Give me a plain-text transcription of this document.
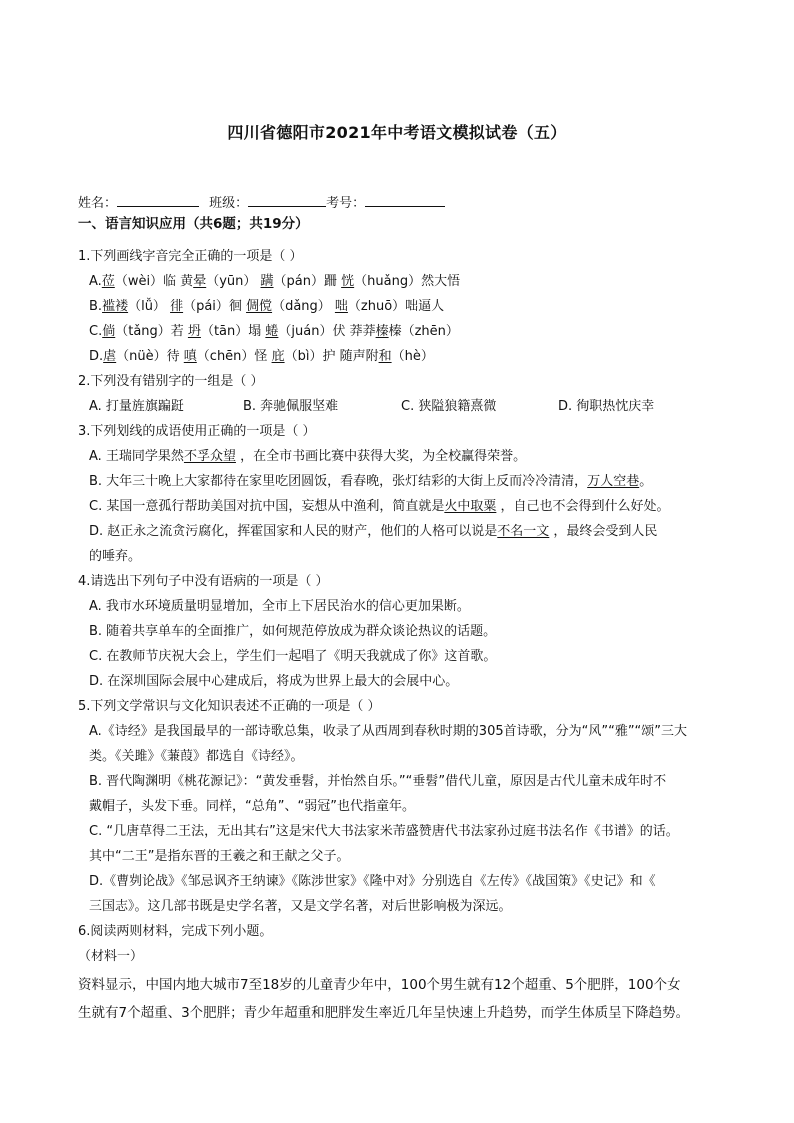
四川省德阳市2021年中考语文模拟试卷（五）
姓名：	班级：	考号：
一、语言知识应用（共6题；共19分）
1.下列画线字音完全正确的一项是（ ）
A.莅（wèi）临 黄晕（yūn） 蹒（pán）跚 恍（huǎng）然大悟
B.褴褛（lǚ） 徘（pái）徊 倜傥（dǎng） 咄（zhuō）咄逼人
C.倘（tǎng）若 坍（tān）塌 蜷（juán）伏 莽莽榛榛（zhēn）
D.虐（nüè）待 嗔（chēn）怪 庇（bì）护 随声附和（hè）
2.下列没有错别字的一组是（ ）
A. 打量旌旗蹁跹	B. 奔驰佩服坚难	C. 狭隘狼籍熹微	D. 徇职热忱庆幸
3.下列划线的成语使用正确的一项是（ ）
A. 王瑞同学果然不孚众望 ，在全市书画比赛中获得大奖，为全校赢得荣誉。
B. 大年三十晚上大家都待在家里吃团圆饭，看春晚，张灯结彩的大街上反而冷冷清清，万人空巷。
C. 某国一意孤行帮助美国对抗中国，妄想从中渔利，简直就是火中取粟 ，自己也不会得到什么好处。
D. 赵正永之流贪污腐化，挥霍国家和人民的财产，他们的人格可以说是不名一文 ，最终会受到人民
的唾弃。
4.请选出下列句子中没有语病的一项是（ ）
A. 我市水环境质量明显增加，全市上下居民治水的信心更加果断。
B. 随着共享单车的全面推广，如何规范停放成为群众谈论热议的话题。
C. 在教师节庆祝大会上，学生们一起唱了《明天我就成了你》这首歌。
D. 在深圳国际会展中心建成后，将成为世界上最大的会展中心。
5.下列文学常识与文化知识表述不正确的一项是（ ）
A.《诗经》是我国最早的一部诗歌总集，收录了从西周到春秋时期的305首诗歌，分为“风”“雅”“颂”三大
类。《关雎》《蒹葭》都选自《诗经》。
B. 晋代陶渊明《桃花源记》：“黄发垂髫，并怡然自乐。”“垂髫”借代儿童，原因是古代儿童未成年时不
戴帽子，头发下垂。同样，“总角”、“弱冠”也代指童年。
C. “几唐草得二王法，无出其右”这是宋代大书法家米芾盛赞唐代书法家孙过庭书法名作《书谱》的话。
其中“二王”是指东晋的王羲之和王献之父子。
D.《曹刿论战》《邹忌讽齐王纳谏》《陈涉世家》《隆中对》分别选自《左传》《战国策》《史记》和《
三国志》。这几部书既是史学名著，又是文学名著，对后世影响极为深远。
6.阅读两则材料，完成下列小题。
（材料一）
资料显示，中国内地大城市7至18岁的儿童青少年中，100个男生就有12个超重、5个肥胖，100个女
生就有7个超重、3个肥胖；青少年超重和肥胖发生率近几年呈快速上升趋势，而学生体质呈下降趋势。
